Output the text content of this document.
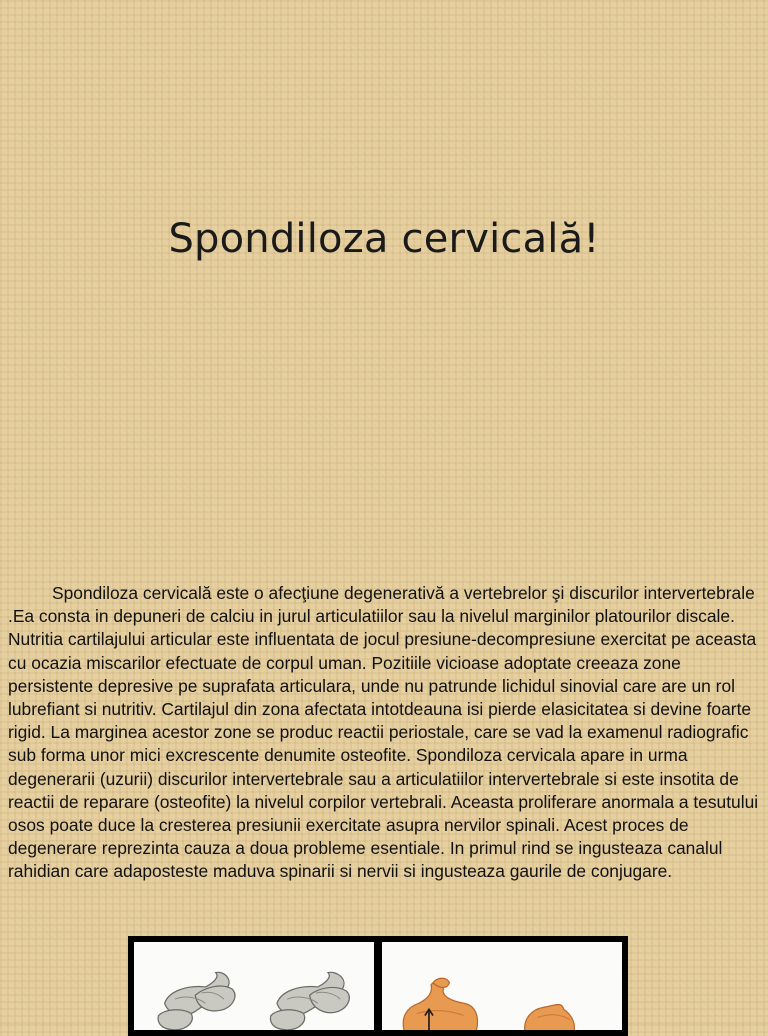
Spondiloza cervicală!

Spondiloza cervicală este o afecţiune degenerativă a vertebrelor şi discurilor intervertebrale .Ea consta in depuneri de calciu in jurul articulatiilor sau la nivelul marginilor platourilor discale. Nutritia cartilajului articular este influentata de jocul presiune-decompresiune exercitat pe aceasta cu ocazia miscarilor efectuate de corpul uman. Pozitiile vicioase adoptate creeaza zone persistente depresive pe suprafata articulara, unde nu patrunde lichidul sinovial care are un rol lubrefiant si nutritiv. Cartilajul din zona afectata intotdeauna isi pierde elasicitatea si devine foarte rigid. La marginea acestor zone se produc reactii periostale, care se vad la examenul radiografic sub forma unor mici excrescente denumite osteofite. Spondiloza cervicala apare in urma degenerarii (uzurii) discurilor intervertebrale sau a articulatiilor intervertebrale si este insotita de reactii de reparare (osteofite) la nivelul corpilor vertebrali. Aceasta proliferare anormala a tesutului osos poate duce la cresterea presiunii exercitate asupra nervilor spinali. Acest proces de degenerare reprezinta cauza a doua probleme esentiale. In primul rind se ingusteaza canalul rahidian care adaposteste maduva spinarii si nervii si ingusteaza gaurile de conjugare.
